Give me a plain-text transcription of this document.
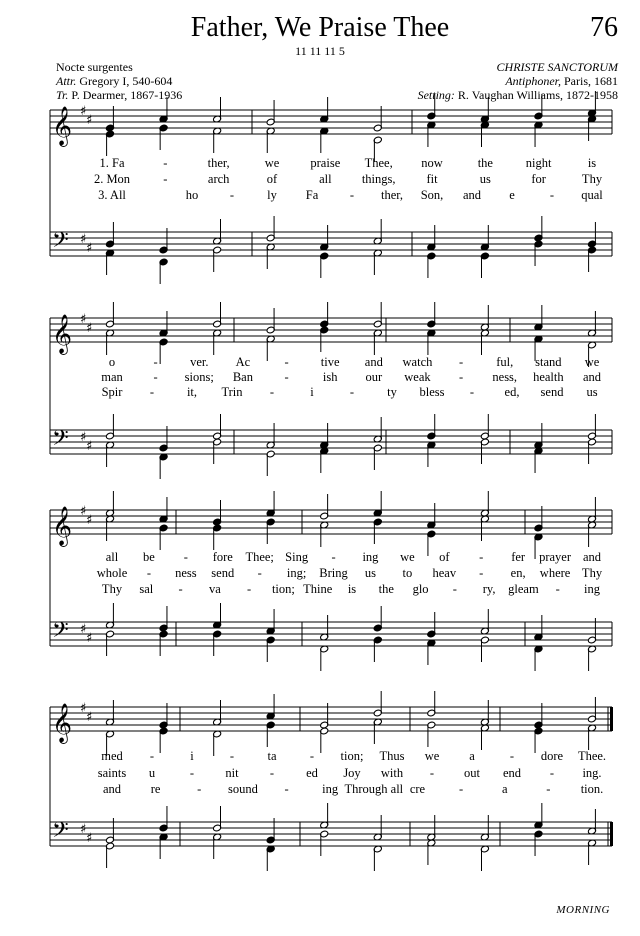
Father, We Praise Thee	76
11 11 11 5
Nocte surgentes
Attr. Gregory I, 540-604
Tr. P. Dearmer, 1867-1936
CHRISTE SANCTORUM
Antiphoner, Paris, 1681
Setting: R. Vaughan Williams, 1872-1958
𝄞
𝄢
♯
♯
♯
♯
𝄞
𝄢
♯
♯
♯
♯
𝄞
𝄢
♯
♯
♯
♯
𝄞
𝄢
♯
♯
♯
♯
1. Fa	-	ther,	we praise Thee, now	the	night	is
2. Mon	-	arch	of	all things, fit	us	for	Thy
3. All	ho	-	ly Fa	- ther, Son, and e	- qual
o	-	ver. Ac	-	tive and watch -	ful, stand we
man - sions; Ban	-	ish our weak - ness, health and
Spir -	it, Trin -	i	-	ty bless - ed, send us
all be - fore Thee; Sing - ing we of - fer prayer and
whole - ness send - ing; Bring us to heav - en, where Thy
Thy sal - va - tion; Thine is the glo - ry, gleam - ing
med -	i	-	ta	- tion; Thus we a	- dore Thee.
saints u	-	nit	-	ed Joy with - out end - ing.
and re	- sound -	ing Through all cre	-	a	- tion.
MORNING
